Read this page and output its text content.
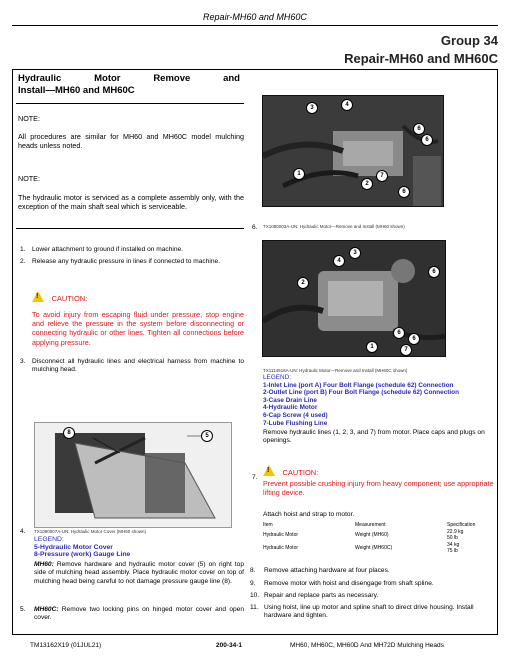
Repair-MH60 and MH60C
Group 34
Repair-MH60 and MH60C
Hydraulic Motor Remove and
Install—MH60 and MH60C
NOTE:
All procedures are similar for MH60 and MH60C model mulching heads unless noted.
NOTE:
The hydraulic motor is serviced as a complete assembly only, with the exception of the main shaft seal which is serviceable.
1. Lower attachment to ground if installed on machine.
2. Release any hydraulic pressure in lines if connected to machine.
! CAUTION:
To avoid injury from escaping fluid under pressure, stop engine and relieve the pressure in the system before disconnecting or connecting hydraulic or other lines. Tighten all connections before applying pressure.
3. Disconnect all hydraulic lines and electrical harness from machine to mulching head.
8	5
TX1080007A-UN: Hydraulic Motor Cover (MH60 shown)
4.
LEGEND:
5-Hydraulic Motor Cover
8-Pressure (work) Gauge Line
MH60: Remove hardware and hydraulic motor cover (5) on right top side of mulching head assembly. Place hydraulic motor cover on top of mulching head being careful to not damage pressure gauge line (8).
5. MH60C: Remove two locking pins on hinged motor cover and open cover.
3	4
6
6
1	7
2
6
6. TX1080003A-UN: Hydraulic Motor—Remove and Install (MH60 shown)
3
4
6
2
6
6
1	7
TX1114518A-UN: Hydraulic Motor—Remove and Install (MH60C shown)
LEGEND:
1-Inlet Line (port A) Four Bolt Flange (schedule 62) Connection
2-Outlet Line (port B) Four Bolt Flange (schedule 62) Connection
3-Case Drain Line
4-Hydraulic Motor
6-Cap Screw (4 used)
7-Lube Flushing Line
Remove hydraulic lines (1, 2, 3, and 7) from motor. Place caps and plugs on openings.
7.
! CAUTION:
Prevent possible crushing injury from heavy component; use appropriate lifting device.
Attach hoist and strap to motor.
Item	Measurement	Specification
Hydraulic Motor	Weight (MH60)	22.9 kg
50 lb

Hydraulic Motor	Weight (MH60C)	34 kg
75 lb
8. Remove attaching hardware at four places.
9. Remove motor with hoist and disengage from shaft spline.
10. Repair and replace parts as necessary.
11. Using hoist, line up motor and spline shaft to direct drive housing. Install hardware and tighten.
TM13162X19 (01JUL21)	200-34-1	MH60, MH60C, MH60D And MH72D Mulching Heads
